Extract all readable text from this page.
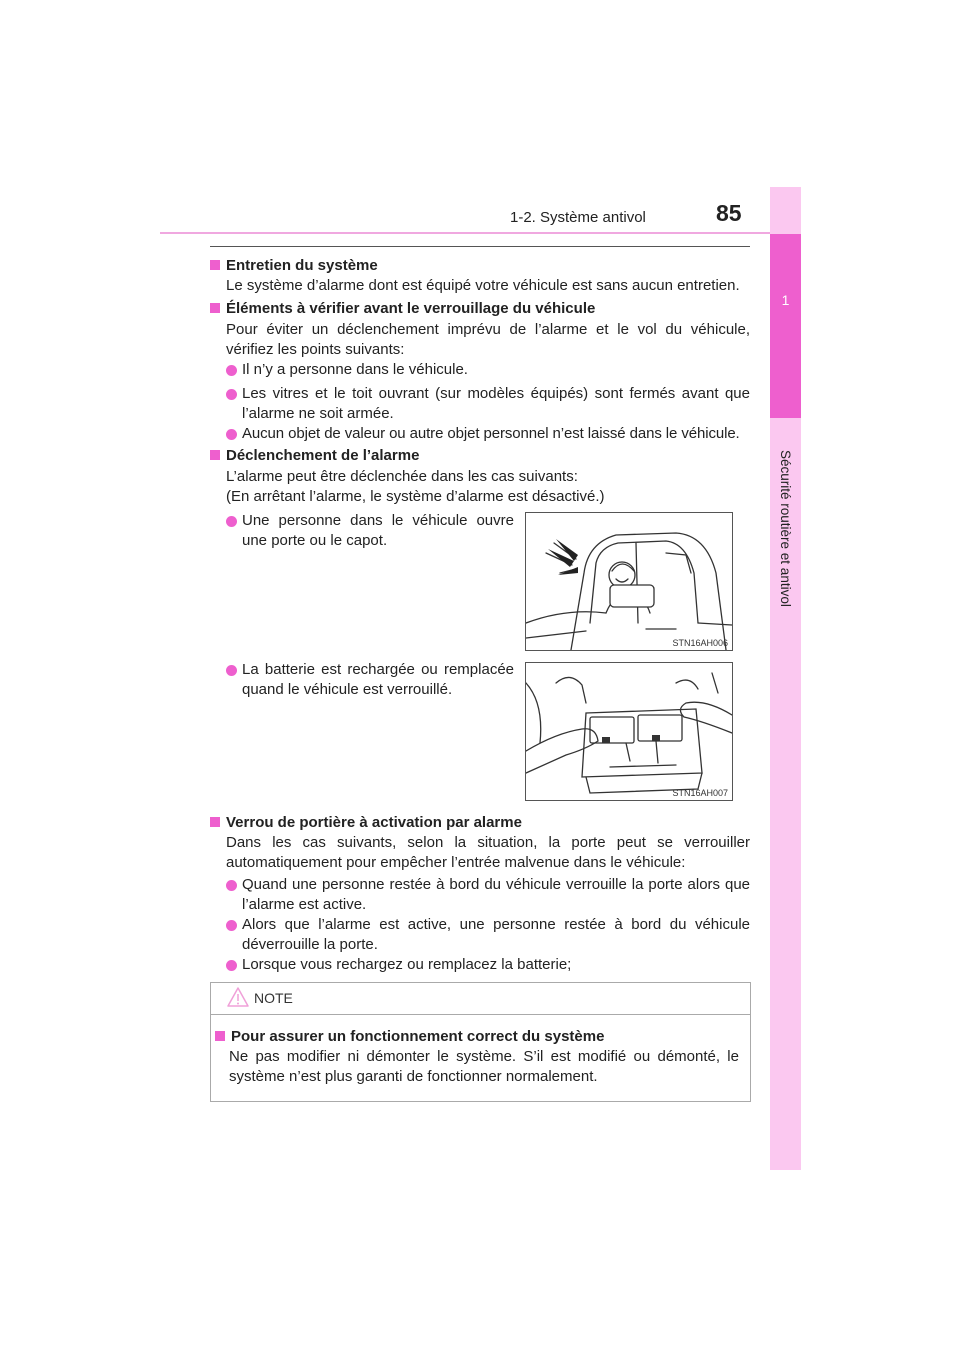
1-2. Système antivol	85
1
Sécurité routière et antivol
Entretien du système
Le système d’alarme dont est équipé votre véhicule est sans aucun entretien.
Éléments à vérifier avant le verrouillage du véhicule
Pour éviter un déclenchement imprévu de l’alarme et le vol du véhicule,
vérifiez les points suivants:
Il n’y a personne dans le véhicule.
Les vitres et le toit ouvrant (sur modèles équipés) sont fermés avant que
l’alarme ne soit armée.
Aucun objet de valeur ou autre objet personnel n’est laissé dans le véhicule.
Déclenchement de l’alarme
L’alarme peut être déclenchée dans les cas suivants:
(En arrêtant l’alarme, le système d’alarme est désactivé.)
Une personne dans le véhicule ouvre
une porte ou le capot.
La batterie est rechargée ou remplacée
quand le véhicule est verrouillé.
STN16AH006
STN16AH007
Verrou de portière à activation par alarme
Dans les cas suivants, selon la situation, la porte peut se verrouiller
automatiquement pour empêcher l’entrée malvenue dans le véhicule:
Quand une personne restée à bord du véhicule verrouille la porte alors que
l’alarme est active.
Alors que l’alarme est active, une personne restée à bord du véhicule
déverrouille la porte.
Lorsque vous rechargez ou remplacez la batterie;
NOTE
Pour assurer un fonctionnement correct du système
Ne pas modifier ni démonter le système. S’il est modifié ou démonté, le
système n’est plus garanti de fonctionner normalement.
